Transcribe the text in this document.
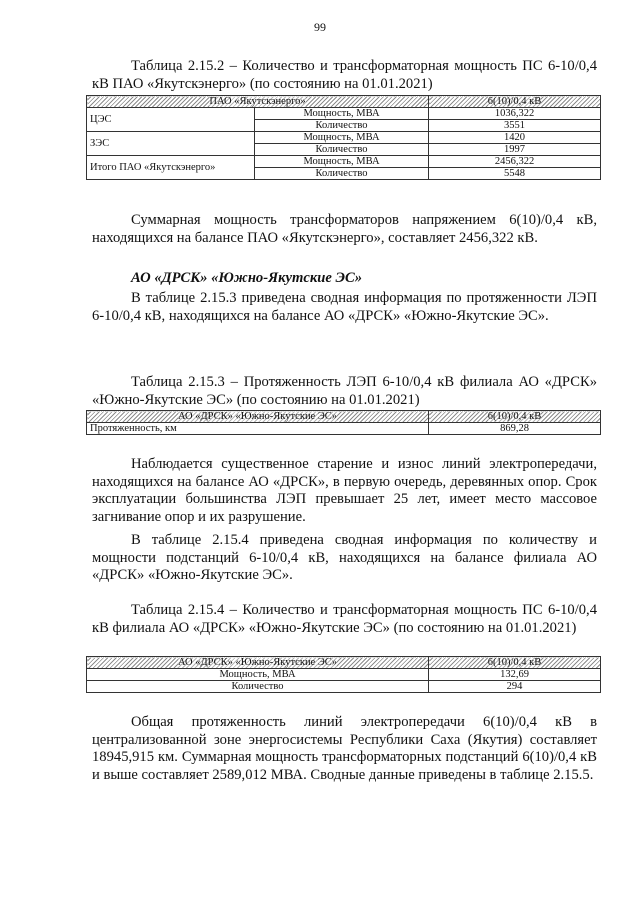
99

Таблица 2.15.2 – Количество и трансформаторная мощность ПС 6-10/0,4 кВ ПАО «Якутскэнерго» (по состоянию на 01.01.2021)

ПАО «Якутскэнерго»		6(10)/0,4 кВ
ЦЭС	Мощность, МВА	1036,322
	Количество	3551
ЗЭС	Мощность, МВА	1420
	Количество	1997
Итого ПАО «Якутскэнерго»	Мощность, МВА	2456,322
	Количество	5548

Суммарная мощность трансформаторов напряжением 6(10)/0,4 кВ, находящихся на балансе ПАО «Якутскэнерго», составляет 2456,322 кВ.

АО «ДРСК» «Южно-Якутские ЭС»

В таблице 2.15.3 приведена сводная информация по протяженности ЛЭП 6-10/0,4 кВ, находящихся на балансе АО «ДРСК» «Южно-Якутские ЭС».

Таблица 2.15.3 – Протяженность ЛЭП 6-10/0,4 кВ филиала АО «ДРСК» «Южно-Якутские ЭС» (по состоянию на 01.01.2021)

АО «ДРСК» «Южно-Якутские ЭС»	6(10)/0,4 кВ
Протяженность, км	869,28

Наблюдается существенное старение и износ линий электропередачи, находящихся на балансе АО «ДРСК», в первую очередь, деревянных опор. Срок эксплуатации большинства ЛЭП превышает 25 лет, имеет место массовое загнивание опор и их разрушение.

В таблице 2.15.4 приведена сводная информация по количеству и мощности подстанций 6-10/0,4 кВ, находящихся на балансе филиала АО «ДРСК» «Южно-Якутские ЭС».

Таблица 2.15.4 – Количество и трансформаторная мощность ПС 6-10/0,4 кВ филиала АО «ДРСК» «Южно-Якутские ЭС» (по состоянию на 01.01.2021)

АО «ДРСК» «Южно-Якутские ЭС»	6(10)/0,4 кВ
Мощность, МВА	132,69
Количество	294

Общая протяженность линий электропередачи 6(10)/0,4 кВ в централизованной зоне энергосистемы Республики Саха (Якутия) составляет 18945,915 км. Суммарная мощность трансформаторных подстанций 6(10)/0,4 кВ и выше составляет 2589,012 МВА. Сводные данные приведены в таблице 2.15.5.
